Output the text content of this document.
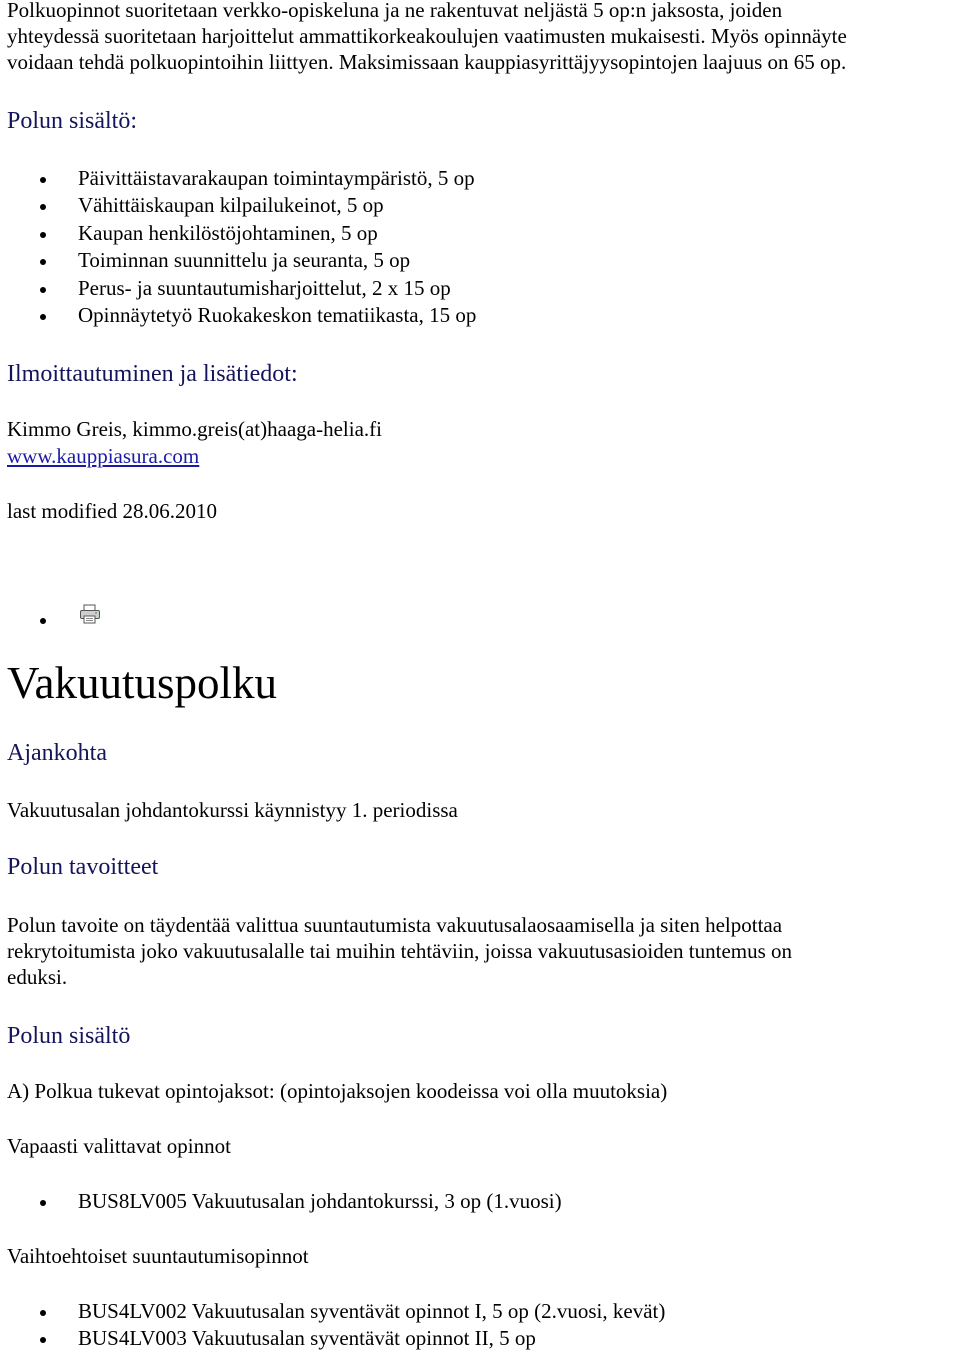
Polkuopinnot suoritetaan verkko-opiskeluna ja ne rakentuvat neljästä 5 op:n jaksosta, joiden
yhteydessä suoritetaan harjoittelut ammattikorkeakoulujen vaatimusten mukaisesti. Myös opinnäyte
voidaan tehdä polkuopintoihin liittyen. Maksimissaan kauppiasyrittäjyysopintojen laajuus on 65 op.
Polun sisältö:
Päivittäistavarakaupan toimintaympäristö, 5 op
Vähittäiskaupan kilpailukeinot, 5 op
Kaupan henkilöstöjohtaminen, 5 op
Toiminnan suunnittelu ja seuranta, 5 op
Perus- ja suuntautumisharjoittelut, 2 x 15 op
Opinnäytetyö Ruokakeskon tematiikasta, 15 op
Ilmoittautuminen ja lisätiedot:
Kimmo Greis, kimmo.greis(at)haaga-helia.fi
www.kauppiasura.com
last modified 28.06.2010
Vakuutuspolku
Ajankohta
Vakuutusalan johdantokurssi käynnistyy 1. periodissa
Polun tavoitteet
Polun tavoite on täydentää valittua suuntautumista vakuutusalaosaamisella ja siten helpottaa
rekrytoitumista joko vakuutusalalle tai muihin tehtäviin, joissa vakuutusasioiden tuntemus on
eduksi.
Polun sisältö
A) Polkua tukevat opintojaksot: (opintojaksojen koodeissa voi olla muutoksia)
Vapaasti valittavat opinnot
BUS8LV005 Vakuutusalan johdantokurssi, 3 op (1.vuosi)
Vaihtoehtoiset suuntautumisopinnot
BUS4LV002 Vakuutusalan syventävät opinnot I, 5 op (2.vuosi, kevät)
BUS4LV003 Vakuutusalan syventävät opinnot II, 5 op
